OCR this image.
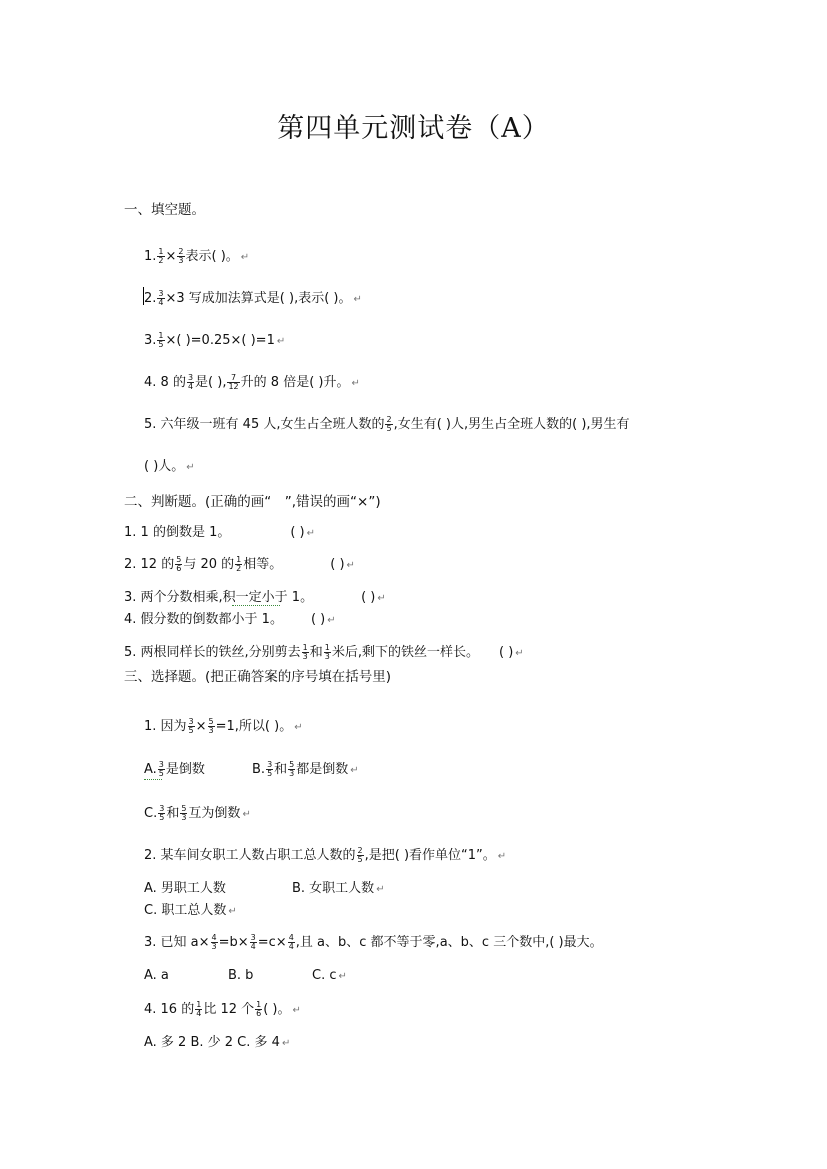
第四单元测试卷（A）
一、填空题。
1. $\frac{1}{2} \times \frac{2}{3}$ 表示( )。 ↵
2. $\frac{3}{4} \times 3$ 写成加法算式是( ),表示( )。 ↵
3. $\frac{1}{5}$ ×( )=0.25×( )=1 ↵
4. 8 的 $\frac{3}{4}$ 是( ), $\frac{7}{12}$ 升的 8 倍是( )升。 ↵
5. 六年级一班有 45 人,女生占全班人数的 $\frac{2}{5}$ ,女生有( )人,男生占全班人数的( ),男生有
( )人。 ↵
二、判断题。(正确的画“　”,错误的画“×”)
1. 1 的倒数是 1。	( ) ↵
2. 12 的 $\frac{5}{6}$ 与 20 的 $\frac{1}{2}$ 相等。	( ) ↵
3. 两个分数相乘,积一定小于 1。	( ) ↵
4. 假分数的倒数都小于 1。 ( ) ↵
5. 两根同样长的铁丝,分别剪去 $\frac{1}{3}$ 和 $\frac{1}{3}$ 米后,剩下的铁丝一样长。 ( ) ↵
三、选择题。(把正确答案的序号填在括号里)
1. 因为 $\frac{3}{5} \times \frac{5}{3} =1$,所以( )。 ↵
A. $\frac{3}{5}$ 是倒数	B. $\frac{3}{5}$ 和 $\frac{5}{3}$ 都是倒数 ↵
C. $\frac{3}{5}$ 和 $\frac{5}{3}$ 互为倒数 ↵
2. 某车间女职工人数占职工总人数的 $\frac{2}{5}$ ,是把( )看作单位“1”。 ↵
A. 男职工人数	B. 女职工人数 ↵
C. 职工总人数 ↵
3. 已知 $a\times \frac{4}{3} =b\times \frac{3}{4} =c\times \frac{4}{4}$ ,且 a、b、c 都不等于零,a、b、c 三个数中,( )最大。
A. a	B. b	C. c ↵
4. 16 的 $\frac{1}{4}$ 比 12 个 $\frac{1}{6}$ ( )。 ↵
A. 多 2 B. 少 2 C. 多 4 ↵
